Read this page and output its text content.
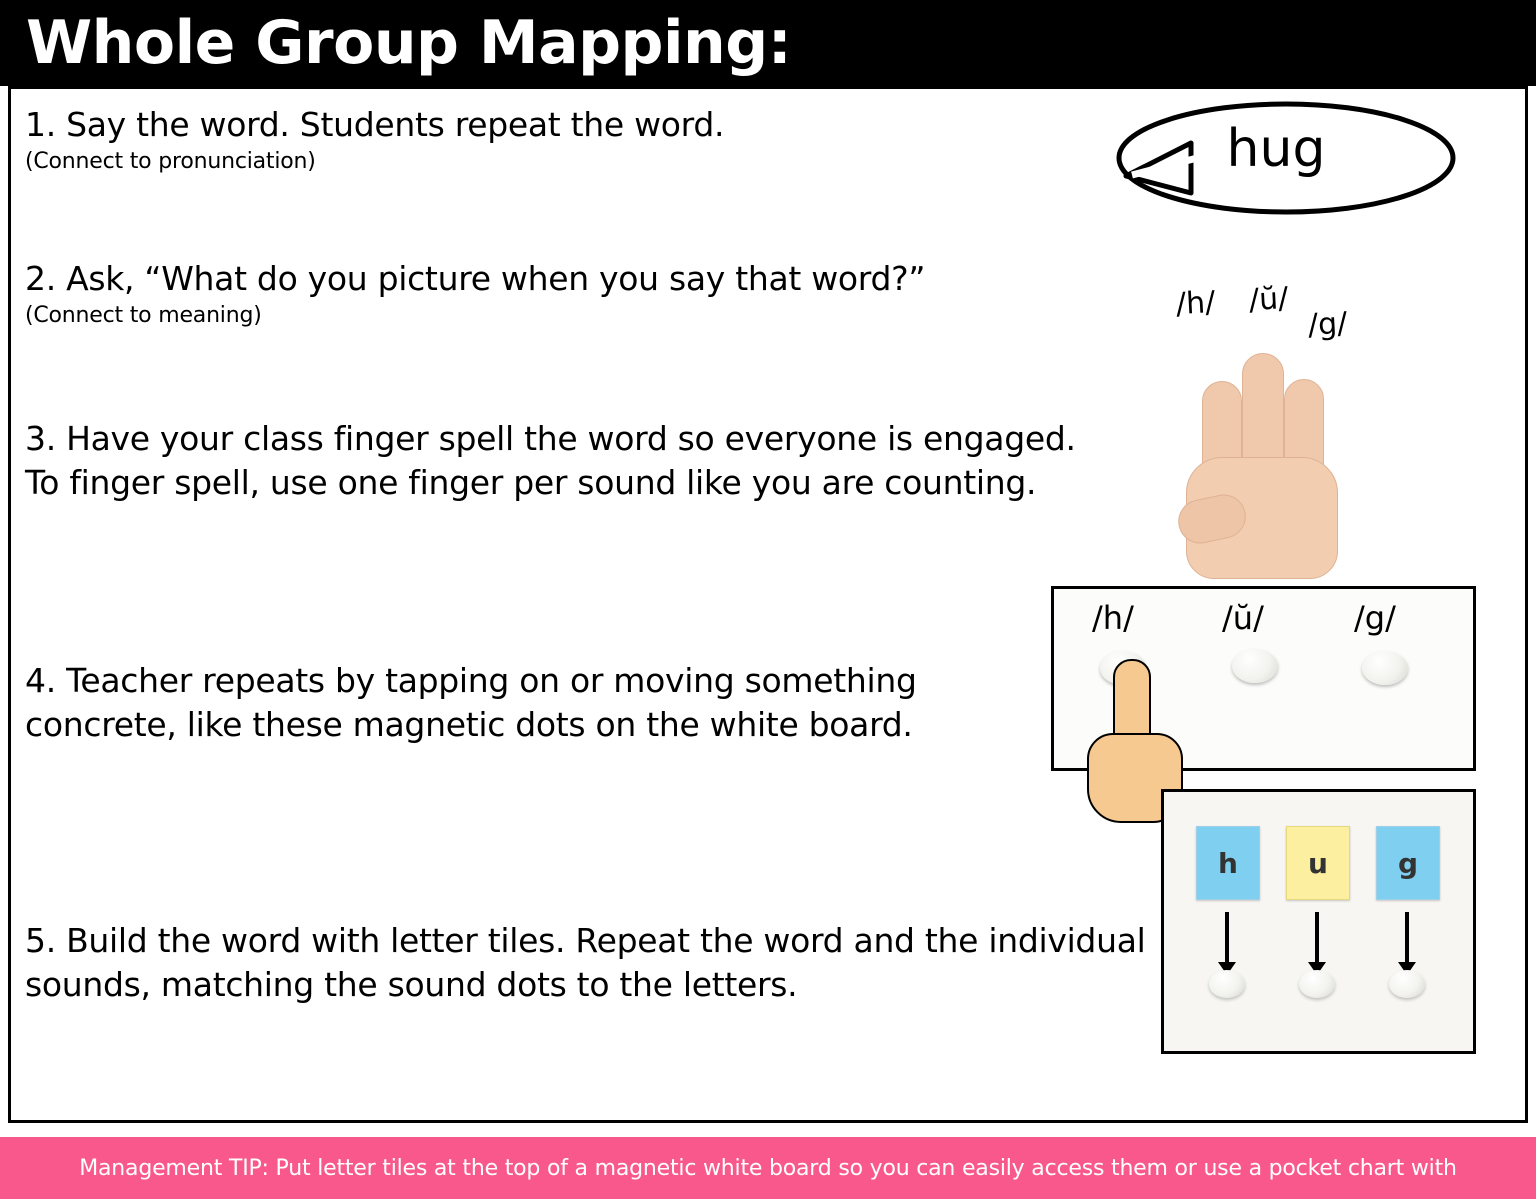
Whole Group Mapping:
1. Say the word. Students repeat the word.
(Connect to pronunciation)
2. Ask, “What do you picture when you say that word?”
(Connect to meaning)
3. Have your class finger spell the word so everyone is engaged. To finger spell, use one finger per sound like you are counting.
4. Teacher repeats by tapping on or moving something concrete, like these magnetic dots on the white board.
5. Build the word with letter tiles. Repeat the word and the individual sounds, matching the sound dots to the letters.
hug
/h/ /ŭ/
/g/
/h/	/ŭ/	/g/
h	u	g
Management TIP: Put letter tiles at the top of a magnetic white board so you can easily access them or use a pocket chart with
